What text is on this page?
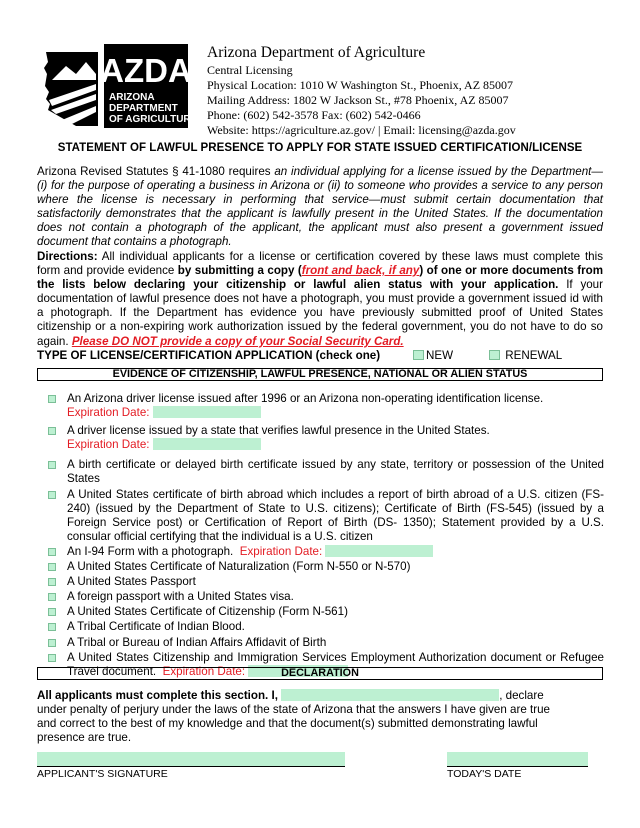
AZDA
ARIZONA
DEPARTMENT
OF AGRICULTURE
Arizona Department of Agriculture
Central Licensing
Physical Location: 1010 W Washington St., Phoenix, AZ 85007
Mailing Address: 1802 W Jackson St., #78 Phoenix, AZ 85007
Phone: (602) 542-3578 Fax: (602) 542-0466
Website: https://agriculture.az.gov/ | Email: licensing@azda.gov
STATEMENT OF LAWFUL PRESENCE TO APPLY FOR STATE ISSUED CERTIFICATION/LICENSE
Arizona Revised Statutes § 41-1080 requires an individual applying for a license issued by the Department—(i) for the purpose of operating a business in Arizona or (ii) to someone who provides a service to any person where the license is necessary in performing that service—must submit certain documentation that satisfactorily demonstrates that the applicant is lawfully present in the United States. If the documentation does not contain a photograph of the applicant, the applicant must also present a government issued document that contains a photograph.
Directions: All individual applicants for a license or certification covered by these laws must complete this form and provide evidence by submitting a copy (front and back, if any) of one or more documents from the lists below declaring your citizenship or lawful alien status with your application. If your documentation of lawful presence does not have a photograph, you must provide a government issued id with a photograph. If the Department has evidence you have previously submitted proof of United States citizenship or a non-expiring work authorization issued by the federal government, you do not have to do so again. Please DO NOT provide a copy of your Social Security Card.
TYPE OF LICENSE/CERTIFICATION APPLICATION (check one)	NEW	RENEWAL
EVIDENCE OF CITIZENSHIP, LAWFUL PRESENCE, NATIONAL OR ALIEN STATUS
An Arizona driver license issued after 1996 or an Arizona non-operating identification license.
Expiration Date:
A driver license issued by a state that verifies lawful presence in the United States.
Expiration Date:
A birth certificate or delayed birth certificate issued by any state, territory or possession of the United States
A United States certificate of birth abroad which includes a report of birth abroad of a U.S. citizen (FS-240) (issued by the Department of State to U.S. citizens); Certificate of Birth (FS-545) (issued by a Foreign Service post) or Certification of Report of Birth (DS- 1350); Statement provided by a U.S. consular official certifying that the individual is a U.S. citizen
An I-94 Form with a photograph. Expiration Date:
A United States Certificate of Naturalization (Form N-550 or N-570)
A United States Passport
A foreign passport with a United States visa.
A United States Certificate of Citizenship (Form N-561)
A Tribal Certificate of Indian Blood.
A Tribal or Bureau of Indian Affairs Affidavit of Birth
A United States Citizenship and Immigration Services Employment Authorization document or Refugee Travel document. Expiration Date:	DECLARATION
All applicants must complete this section. I,	, declare
under penalty of perjury under the laws of the state of Arizona that the answers I have given are true and correct to the best of my knowledge and that the document(s) submitted demonstrating lawful presence are true.
APPLICANT'S SIGNATURE	TODAY'S DATE
